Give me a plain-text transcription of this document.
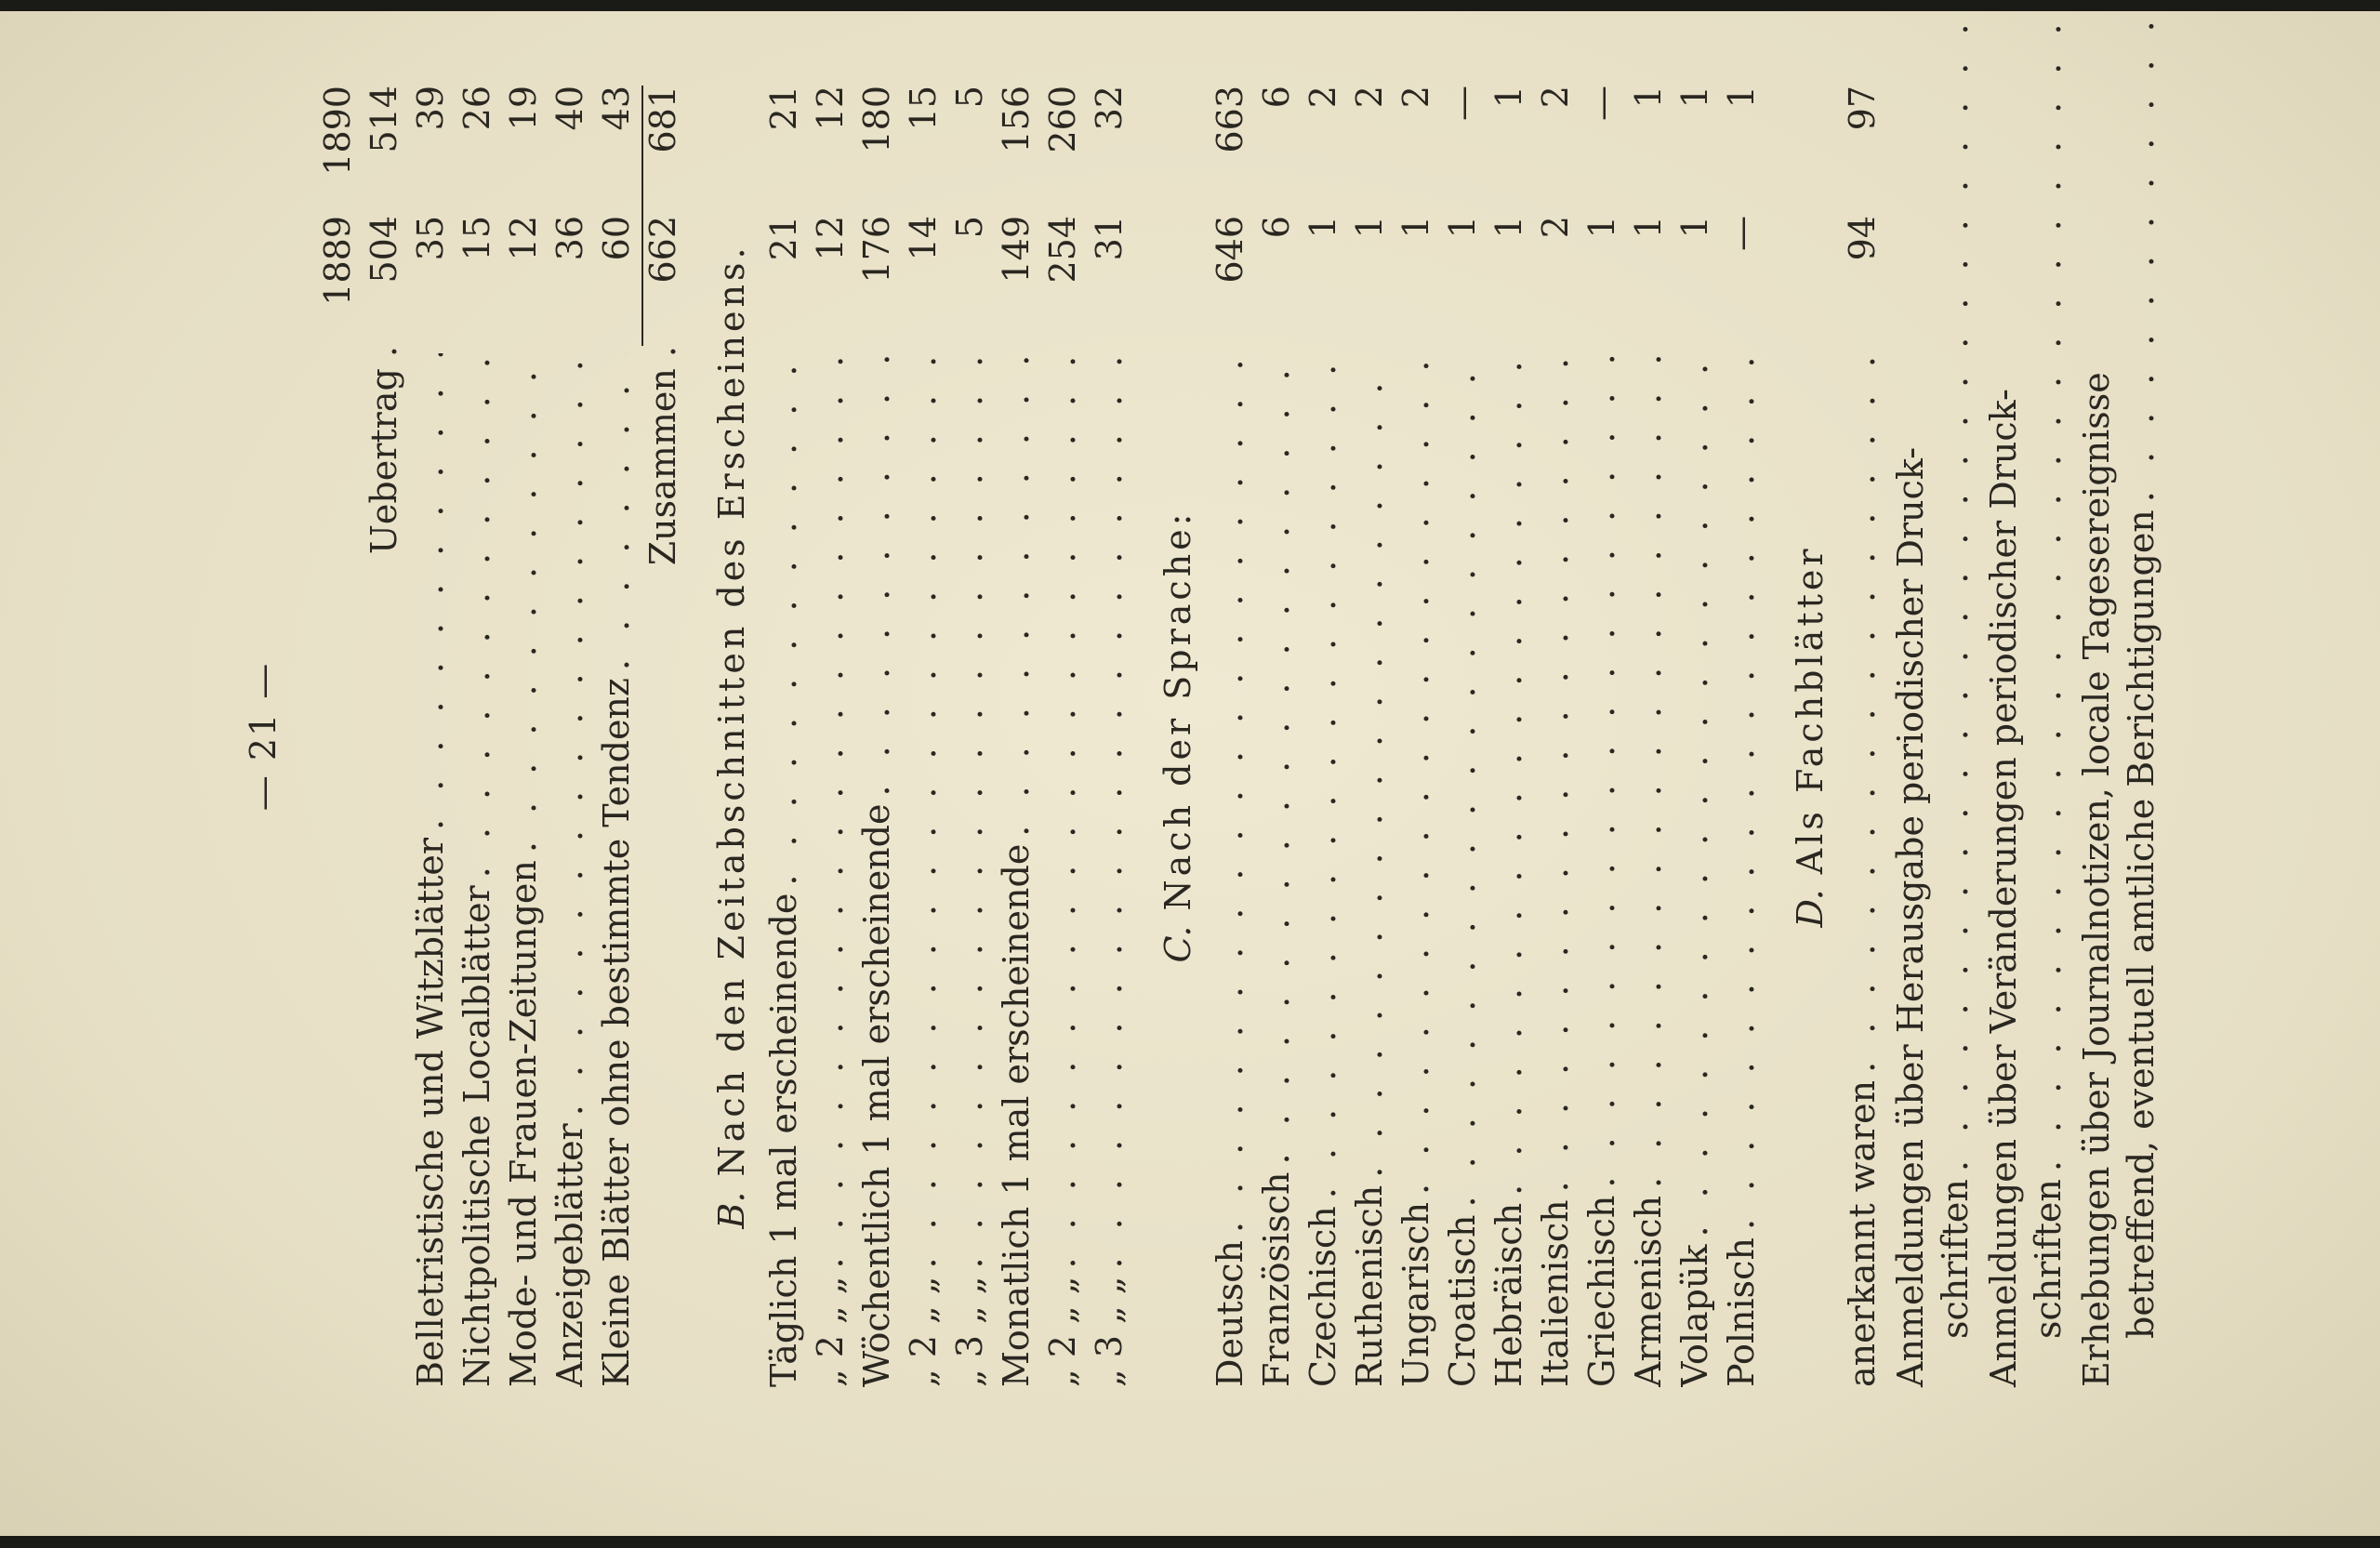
— 21 —
1889
1890
Uebertrag
.
504
514
Belletristische und Witzblätter
. . .
35
39
Nichtpolitische Localblätter
. . .
15
26
Mode- und Frauen-Zeitungen
. . .
12
19
Anzeigeblätter
. . .
36
40
Kleine Blätter ohne bestimmte Tendenz
. . .
60
43
Zusammen
.
662
681
B. Nach den Zeitabschnitten des Erscheinens. Täglich 1 mal erscheinende
. . .
21
21
„ 2 „ „
. . .
12
12
Wöchentlich 1 mal erscheinende
. . .
176
180
„ 2 „ „
. . .
14
15
„ 3 „ „
. . .
5
5
Monatlich 1 mal erscheinende
. . .
149
156
„ 2 „ „
. . .
254
260
„ 3 „ „
. . .
31
32
C. Nach der Sprache:
Deutsch
. . .
646
663
Französisch
. . .
6
6
Czechisch
. . .
1
2
Ruthenisch
. . .
1
2
Ungarisch
. . .
1
2
Croatisch
. . .
1
—
Hebräisch
. . .
1
1
Italienisch
. . .
2
2
Griechisch
. . .
1
—
Armenisch
. . .
1
1
Volapük
. . .
1
1
Polnisch
. . .
—
1
D. Als Fachblätter
anerkannt waren
. . .
94
97
Anmeldungen über Herausgabe periodischer Druck- schriften . . . Anmeldungen über Veränderungen periodischer Druck- schriften . . . Erhebungen über Journalnotizen, locale Tagesereignisse betreffend, eventuell amtliche Berichtigungen
. . .
